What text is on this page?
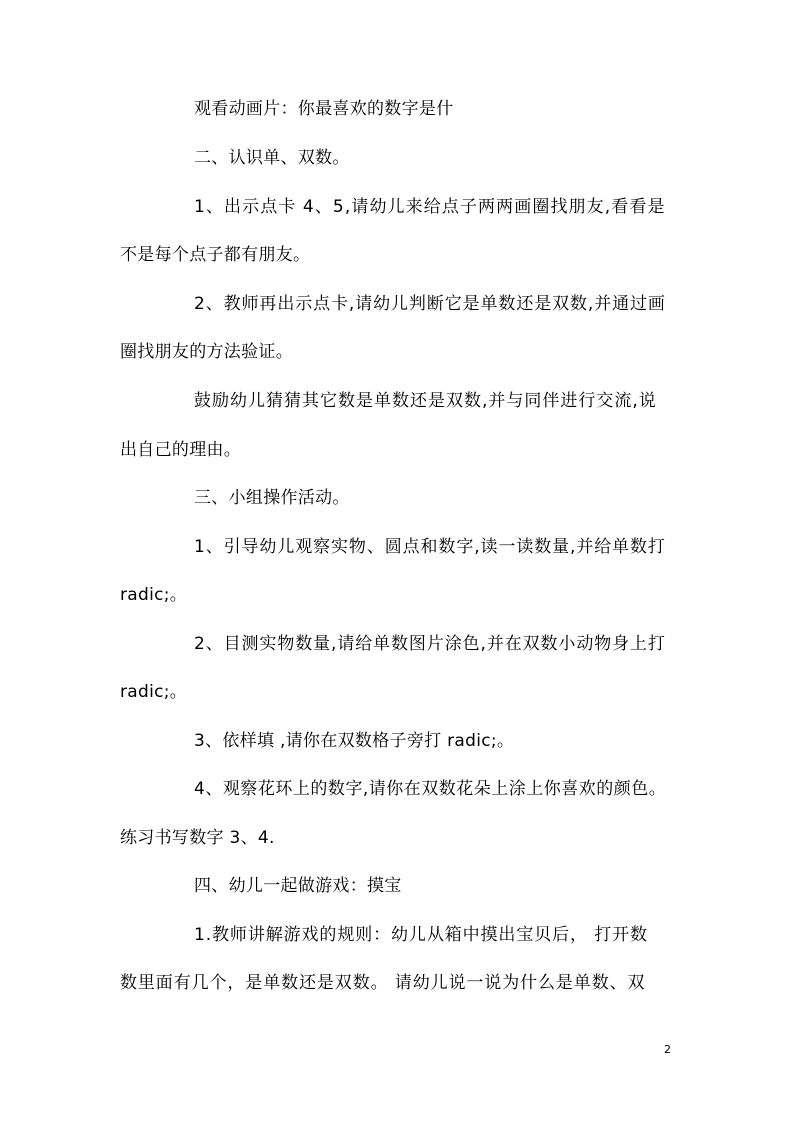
观看动画片：你最喜欢的数字是什
二、认识单、双数。
1、出示点卡 4、5,请幼儿来给点子两两画圈找朋友,看看是
不是每个点子都有朋友。
2、教师再出示点卡,请幼儿判断它是单数还是双数,并通过画
圈找朋友的方法验证。
鼓励幼儿猜猜其它数是单数还是双数,并与同伴进行交流,说
出自己的理由。
三、小组操作活动。
1、引导幼儿观察实物、圆点和数字,读一读数量,并给单数打
radic;。
2、目测实物数量,请给单数图片涂色,并在双数小动物身上打
radic;。
3、依样填 ,请你在双数格子旁打 radic;。
4、观察花环上的数字,请你在双数花朵上涂上你喜欢的颜色。
练习书写数字 3、4.
四、幼儿一起做游戏：摸宝
1.教师讲解游戏的规则：幼儿从箱中摸出宝贝后， 打开数
数里面有几个，是单数还是双数。 请幼儿说一说为什么是单数、双
2
